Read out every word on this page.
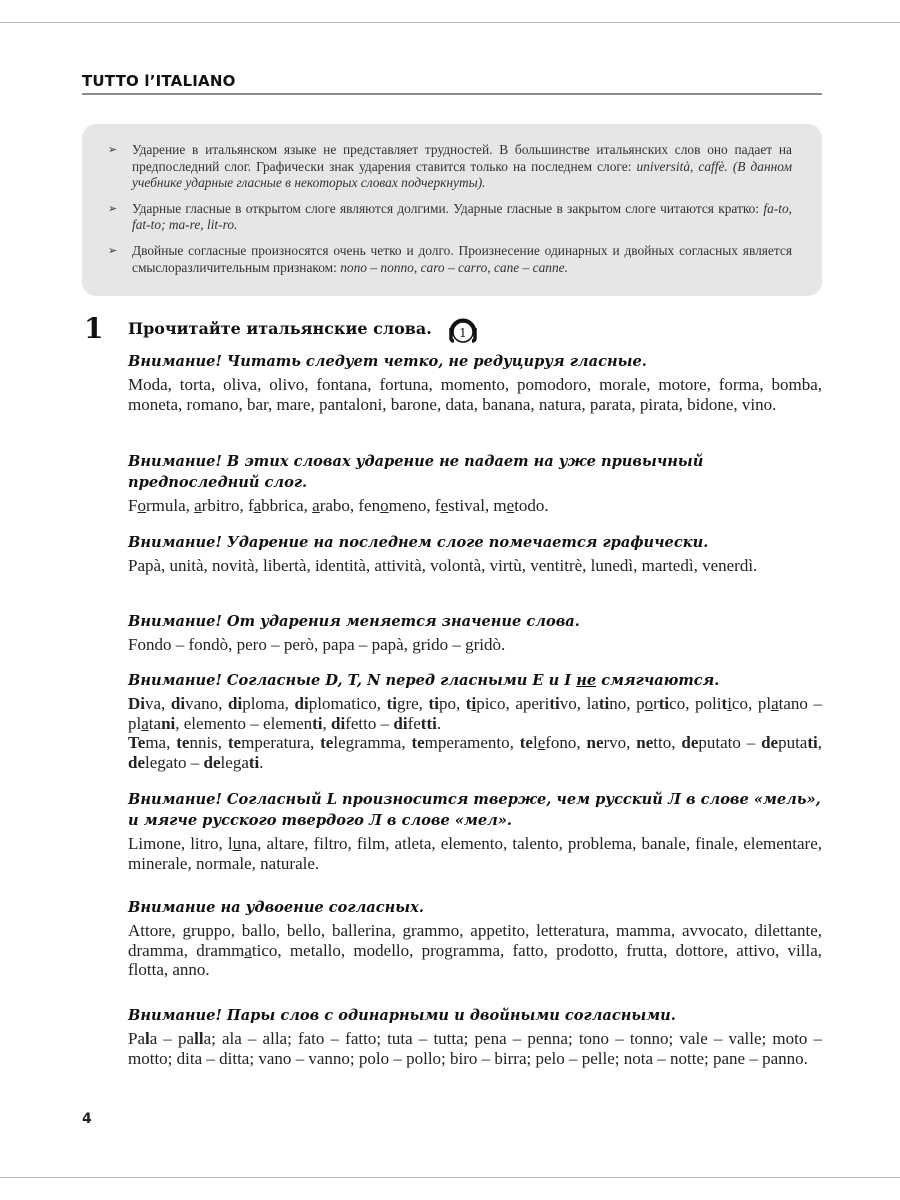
TUTTO l’ITALIANO
➢ Ударение в итальянском языке не представляет трудностей. В большинстве итальянских слов оно падает на предпоследний слог. Графически знак ударения ставится только на последнем слоге: università, caffè. (В данном учебнике ударные гласные в некоторых словах подчеркнуты).
➢ Ударные гласные в открытом слоге являются долгими. Ударные гласные в закрытом слоге читаются кратко: fa-to, fat-to; ma-re, lit-ro.
➢ Двойные согласные произносятся очень четко и долго. Произнесение одинарных и двойных согласных является смыслоразличительным признаком: nono – nonno, caro – carro, cane – canne.
1 Прочитайте итальянские слова. 1
Внимание! Читать следует четко, не редуцируя гласные.

Moda, torta, oliva, olivo, fontana, fortuna, momento, pomodoro, morale, motore, forma, bomba, moneta, romano, bar, mare, pantaloni, barone, data, banana, natura, parata, pirata, bidone, vino.

Внимание! В этих словах ударение не падает на уже привычный предпоследний слог.

Formula, arbitro, fabbrica, arabo, fenomeno, festival, metodo.

Внимание! Ударение на последнем слоге помечается графически.

Papà, unità, novità, libertà, identità, attività, volontà, virtù, ventitrè, lunedì, martedì, venerdì.

Внимание! От ударения меняется значение слова.

Fondo – fondò, pero – però, papa – papà, grido – gridò.

Внимание! Согласные D, T, N перед гласными E и I не смягчаются.

Diva, divano, diploma, diplomatico, tigre, tipo, tipico, aperitivo, latino, portico, politico, platano – platani, elemento – elementi, difetto – difetti.

Tema, tennis, temperatura, telegramma, temperamento, telefono, nervo, netto, deputato – deputati, delegato – delegati.

Внимание! Согласный L произносится тверже, чем русский Л в слове «мель», и мягче русского твердого Л в слове «мел».

Limone, litro, luna, altare, filtro, film, atleta, elemento, talento, problema, banale, finale, elementare, minerale, normale, naturale.

Внимание на удвоение согласных.

Attore, gruppo, ballo, bello, ballerina, grammo, appetito, letteratura, mamma, avvocato, dilettante, dramma, drammatico, metallo, modello, programma, fatto, prodotto, frutta, dottore, attivo, villa, flotta, anno.

Внимание! Пары слов с одинарными и двойными согласными.

Pala – palla; ala – alla; fato – fatto; tuta – tutta; pena – penna; tono – tonno; vale – valle; moto – motto; dita – ditta; vano – vanno; polo – pollo; biro – birra; pelo – pelle; nota – notte; pane – panno.

4
